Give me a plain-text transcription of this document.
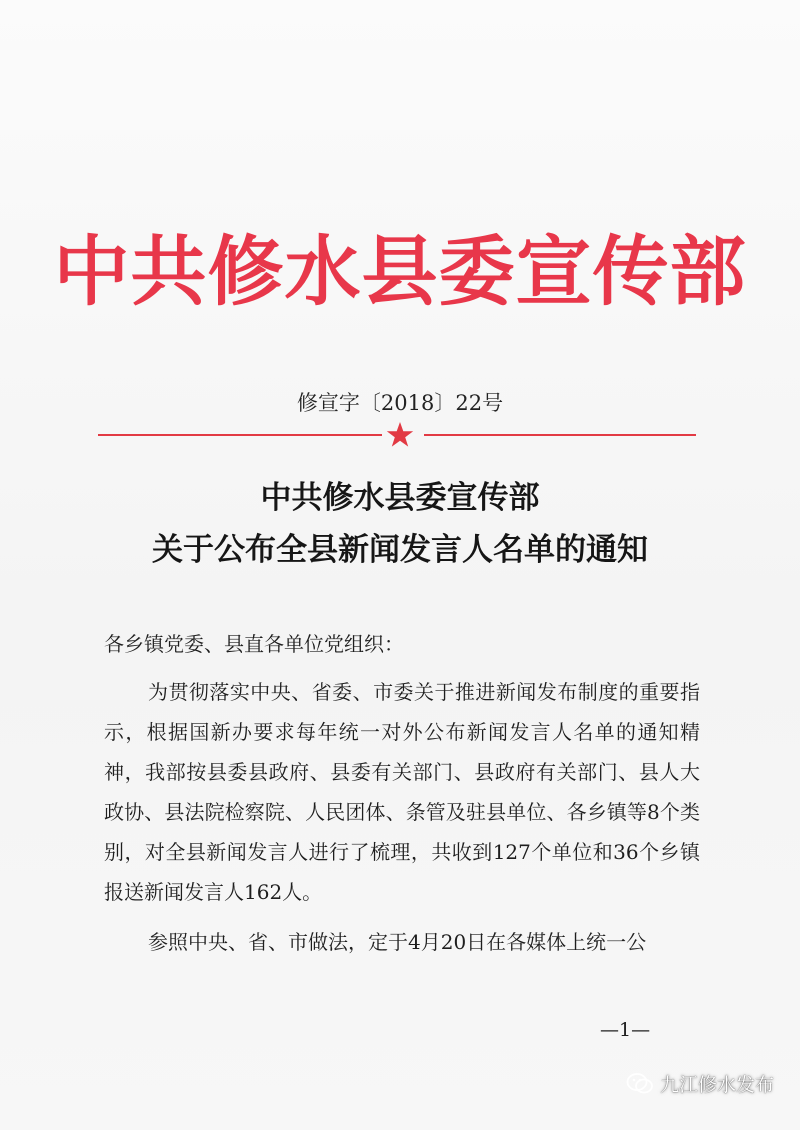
中共修水县委宣传部
修宣字〔2018〕22号
中共修水县委宣传部
关于公布全县新闻发言人名单的通知

各乡镇党委、县直各单位党组织：

为贯彻落实中央、省委、市委关于推进新闻发布制度的重要指示，根据国新办要求每年统一对外公布新闻发言人名单的通知精神，我部按县委县政府、县委有关部门、县政府有关部门、县人大政协、县法院检察院、人民团体、条管及驻县单位、各乡镇等8个类别，对全县新闻发言人进行了梳理，共收到127个单位和36个乡镇报送新闻发言人162人。

参照中央、省、市做法，定于4月20日在各媒体上统一公

—1—
九江修水发布
